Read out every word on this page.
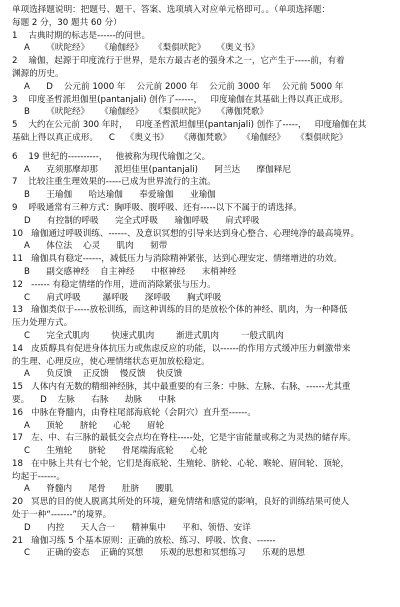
单项选择题说明：把题号、题干、答案、选项填入对应单元格即可。。（单项选择题：
每题 2 分，30 题共 60 分）
1    古典时期的标志是------的问世。
A      《吠陀经》    《瑜伽经》    《梨俱吠陀》    《奥义书》
2    瑜伽，起源于印度流行于世界，是东方最古老的强身术之一，它产生于-----前，有着
渊源的历史。
A      D    公元前 1000 年    公元前 2000 年    公元前 3000 年    公元前 5000 年
3    印度圣哲派坦伽里(pantanjali) 创作了------，   印度瑜伽在其基础上得以真正成形。
B      《吠陀经》    《瑜伽经》    《梨俱吠陀》    《薄伽梵歌》
5    大约在公元前 300 年时，   印度圣哲派坦伽里(pantanjali) 创作了-----，   印度瑜伽在其
基础上得以真正成形。    C    《奥义书》    《薄伽梵歌》    《瑜伽经》    《梨俱吠陀》
6    19 世纪的----------，   他被称为现代瑜伽之父。
A      克须那摩却那      派坦佳里(pantanjali)      阿兰达      摩伽释尼
7    比较注重生理效果的-----已成为世界流行的主流。
B      王瑜伽      哈达瑜伽      奉爱瑜伽      业瑜伽
9    呼吸通常有三种方式：胸呼吸、腹呼吸、还有-----以下不属于的请选择。
D      有控制的呼吸      完全式呼吸      瑜伽呼吸      肩式呼吸
10   瑜伽通过呼吸训练、------、及意识冥想的引导来达到身心整合、心理纯净的最高境界。
A      体位法    心灵      肌肉      韧带
11   瑜伽具有稳定------，减低压力与消除精神紧张，达到心理安定、情绪增进的功效。
B      副交感神经    自主神经      中枢神经      末梢神经
12   ------ 有稳定情绪的作用，进而消除紧张与压力。
C      肩式呼吸        瀑呼吸      深呼吸      胸式呼吸
13   瑜伽类似于-----放松训练，而这种训练的目的是放松个体的神经、肌肉，为一种降低
压力处理方式。
C      完全式肌肉        快速式肌肉        渐进式肌肉        一般式肌肉
14   皮质醇具有促进身体抗压力或焦虑反应的功能，以------的作用方式缓冲压力刺激带来
的生理、心理反应，使心理情绪状态更加放松稳定。
A      负反馈    正反馈    慢反馈    快反馈
15   人体内有无数的精细神经脉，其中最重要的有三条：中脉、左脉、右脉，------尤其重
要。    D    左脉      右脉      劫脉      中脉
16   中脉在脊髓内，由脊柱尾部海底轮（会阴穴）直升至------。
A      顶轮      脐轮      心轮      眉轮
17   左、中、右三脉的最低交会点均在脊柱-----处，它是宇宙能量或称之为灵热的储存库。
C      生殖轮      脐轮      骨尾端海底轮      心轮
18   在中脉上共有七个轮，它们是海底轮、生殖轮、脐轮、心轮、喉轮、眉间轮、顶轮，
均起于------。
A      脊髓内      尾骨      肚脐      腰肌
20   冥思的目的使人脱离其所处的环境，避免情绪和感觉的影响，良好的训练结果可使人
处于一种“-------”的境界。
D      内控      天人合一      精神集中      平和、领悟、安详
21   瑜伽习练 5 个基本原则：正确的放松、练习、呼吸、饮食、------
C      正确的姿态    正确的冥想      乐观的思想和冥想练习      乐观的思想
